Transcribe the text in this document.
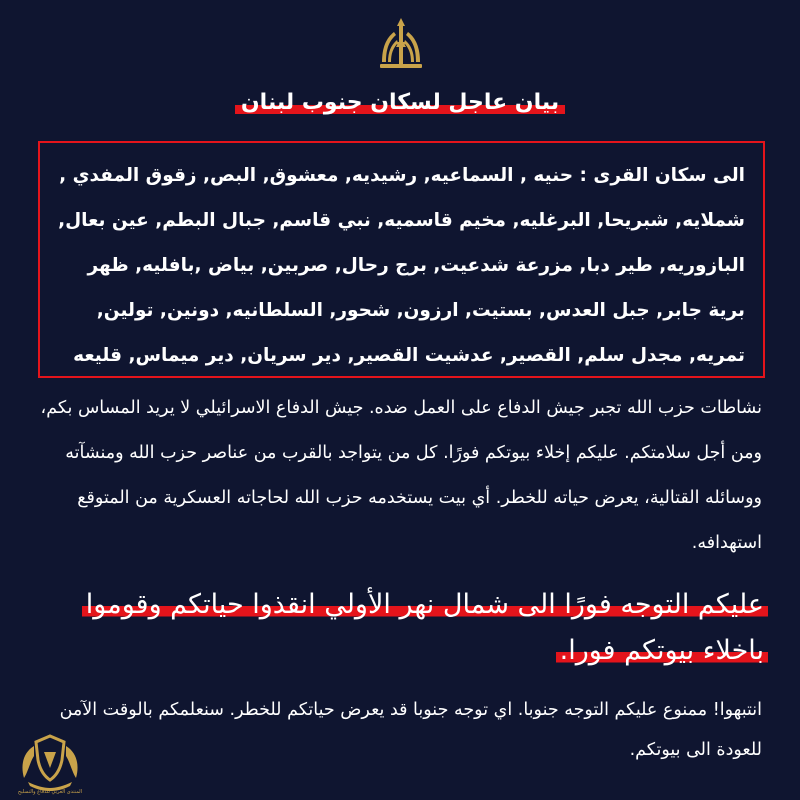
بيان عاجل لسكان جنوب لبنان
الى سكان القرى : حنيه , السماعيه, رشيديه, معشوق, البص, زقوق المفدي , شملايه, شبريحا, البرغليه, مخيم قاسميه, نبي قاسم, جبال البطم, عين بعال, البازوريه, طير دبا, مزرعة شدعيت, برج رحال, صربين, بياض ,بافليه, ظهر برية جابر, جبل العدس, بستيت, ارزون, شحور, السلطانيه, دونين, تولين, تمريه, مجدل سلم, القصير, عدشيت القصير, دير سريان, دير ميماس, قليعه

نشاطات حزب الله تجبر جيش الدفاع على العمل ضده. جيش الدفاع الاسرائيلي لا يريد المساس بكم، ومن أجل سلامتكم. عليكم إخلاء بيوتكم فورًا. كل من يتواجد بالقرب من عناصر حزب الله ومنشآته ووسائله القتالية، يعرض حياته للخطر. أي بيت يستخدمه حزب الله لحاجاته العسكرية من المتوقع استهدافه.

عليكم التوجه فورًا الى شمال نهر الأولي انقذوا حياتكم وقوموا باخلاء بيوتكم فورا.

انتبهوا! ممنوع عليكم التوجه جنوبا. اي توجه جنوبا قد يعرض حياتكم للخطر. سنعلمكم بالوقت الآمن للعودة الى بيوتكم.

المنتدى العربي للدفاع والتسليح
